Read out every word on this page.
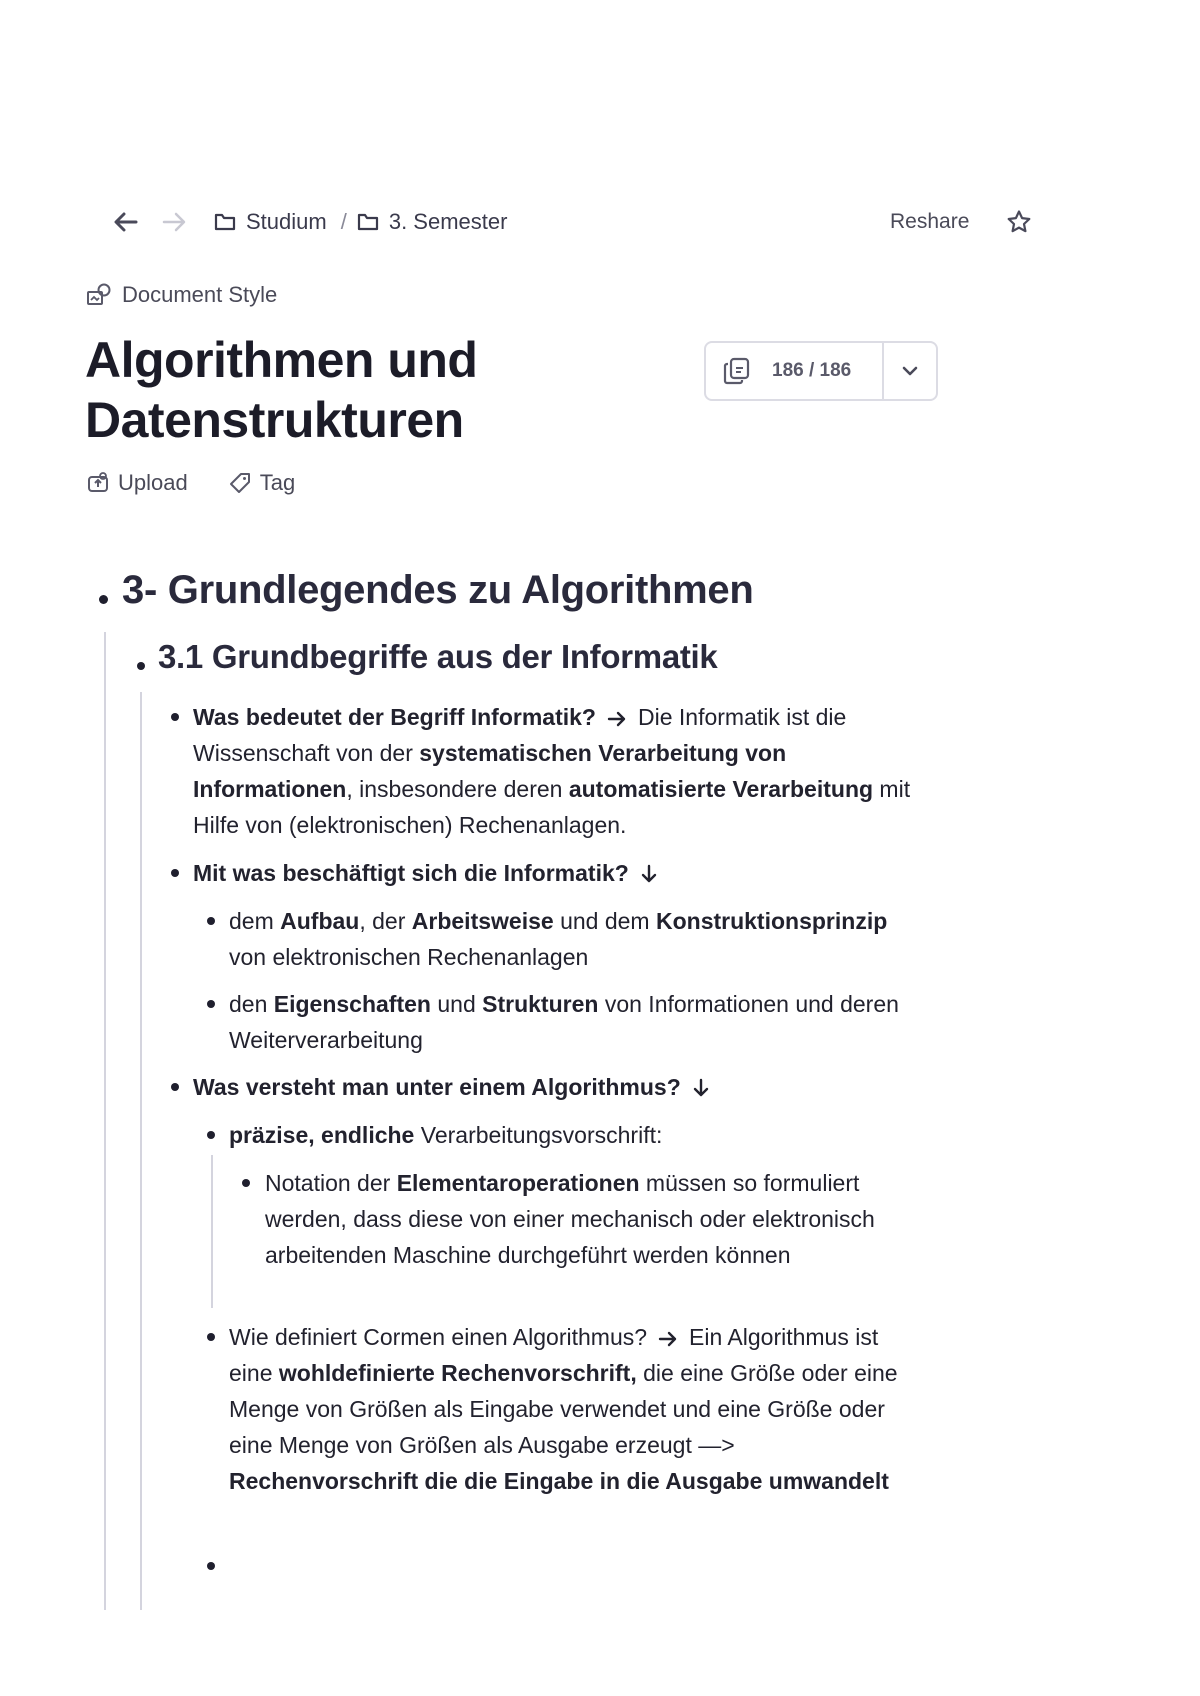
Studium / 3. Semester	Reshare
Document Style
Algorithmen und Datenstrukturen
186 / 186
Upload	Tag
3- Grundlegendes zu Algorithmen
3.1 Grundbegriffe aus der Informatik
Was bedeutet der Begriff Informatik? Die Informatik ist die Wissenschaft von der systematischen Verarbeitung von Informationen, insbesondere deren automatisierte Verarbeitung mit Hilfe von (elektronischen) Rechenanlagen.
Mit was beschäftigt sich die Informatik?
dem Aufbau, der Arbeitsweise und dem Konstruktionsprinzip von elektronischen Rechenanlagen
den Eigenschaften und Strukturen von Informationen und deren Weiterverarbeitung
Was versteht man unter einem Algorithmus?
präzise, endliche Verarbeitungsvorschrift:
Notation der Elementaroperationen müssen so formuliert werden, dass diese von einer mechanisch oder elektronisch arbeitenden Maschine durchgeführt werden können
Wie definiert Cormen einen Algorithmus? Ein Algorithmus ist eine wohldefinierte Rechenvorschrift, die eine Größe oder eine Menge von Größen als Eingabe verwendet und eine Größe oder eine Menge von Größen als Ausgabe erzeugt —> Rechenvorschrift die die Eingabe in die Ausgabe umwandelt
